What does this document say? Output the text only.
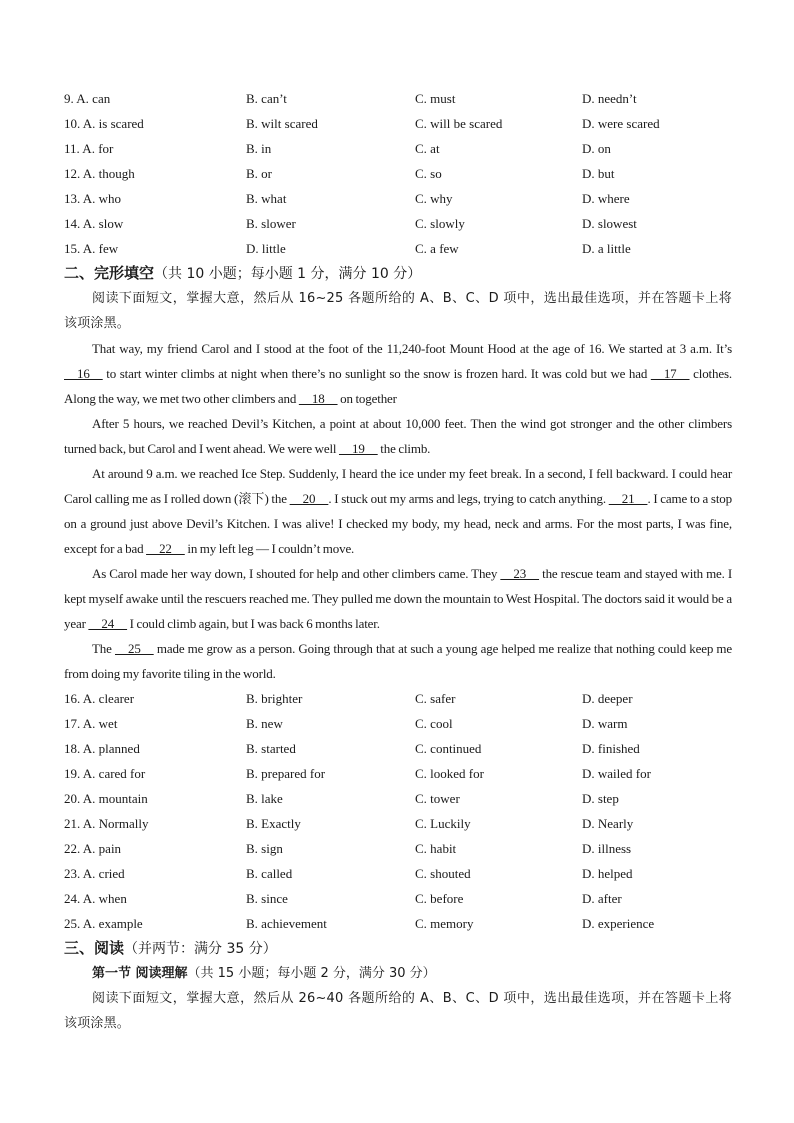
9. A. can	B. can’t	C. must	D. needn’t
10. A. is scared	B. wilt scared	C. will be scared	D. were scared
11. A. for	B. in	C. at	D. on
12. A. though	B. or	C. so	D. but
13. A. who	B. what	C. why	D. where
14. A. slow	B. slower	C. slowly	D. slowest
15. A. few	D. little	C. a few	D. a little
二、完形填空（共 10 小题；每小题 1 分，满分 10 分）

阅读下面短文，掌握大意，然后从 16~25 各题所给的 A、B、C、D 项中，选出最佳选项，并在答题卡上将该项涂黑。

That way, my friend Carol and I stood at the foot of the 11,240-foot Mount Hood at the age of 16. We started at 3 a.m. It’s      16      to start winter climbs at night when there’s no sunlight so the snow is frozen hard. It was cold but we had      17      clothes. Along the way, we met two other climbers and      18      on together

After 5 hours, we reached Devil’s Kitchen, a point at about 10,000 feet. Then the wind got stronger and the other climbers turned back, but Carol and I went ahead. We were well      19      the climb.

At around 9 a.m. we reached Ice Step. Suddenly, I heard the ice under my feet break. In a second, I fell backward. I could hear Carol calling me as I rolled down (滚下) the      20     . I stuck out my arms and legs, trying to catch anything.      21     . I came to a stop on a ground just above Devil’s Kitchen. I was alive! I checked my body, my head, neck and arms. For the most parts, I was fine, except for a bad      22      in my left leg — I couldn’t move.

As Carol made her way down, I shouted for help and other climbers came. They      23      the rescue team and stayed with me. I kept myself awake until the rescuers reached me. They pulled me down the mountain to West Hospital. The doctors said it would be a year      24      I could climb again, but I was back 6 months later.

The      25      made me grow as a person. Going through that at such a young age helped me realize that nothing could keep me from doing my favorite tiling in the world.

16. A. clearer	B. brighter	C. safer	D. deeper
17. A. wet	B. new	C. cool	D. warm
18. A. planned	B. started	C. continued	D. finished
19. A. cared for	B. prepared for	C. looked for	D. wailed for
20. A. mountain	B. lake	C. tower	D. step
21. A. Normally	B. Exactly	C. Luckily	D. Nearly
22. A. pain	B. sign	C. habit	D. illness
23. A. cried	B. called	C. shouted	D. helped
24. A. when	B. since	C. before	D. after
25. A. example	B. achievement	C. memory	D. experience
三、阅读（并两节：满分 35 分）
第一节 阅读理解（共 15 小题；每小题 2 分，满分 30 分）

阅读下面短文，掌握大意，然后从 26~40 各题所给的 A、B、C、D 项中，选出最佳选项，并在答题卡上将该项涂黑。
